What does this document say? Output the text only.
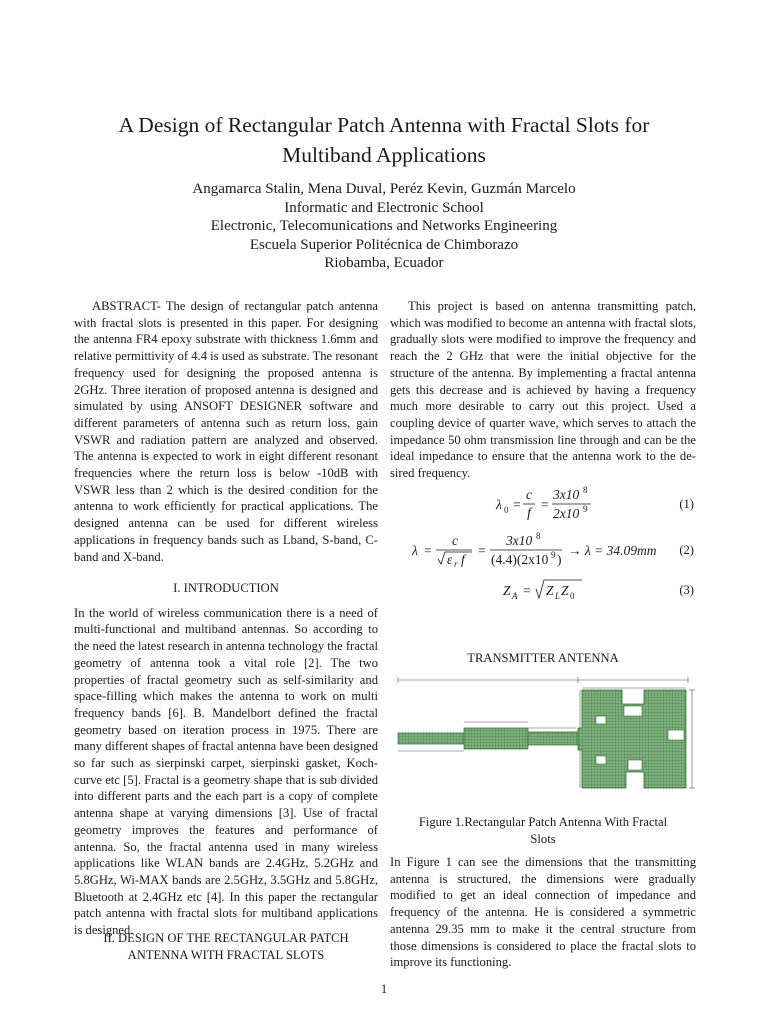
A Design of Rectangular Patch Antenna with Fractal Slots for
Multiband Applications
Angamarca Stalin, Mena Duval, Peréz Kevin, Guzmán Marcelo
Informatic and Electronic School
Electronic, Telecomunications and Networks Engineering
Escuela Superior Politécnica de Chimborazo
Riobamba, Ecuador
ABSTRACT- The design of rectangular patch antenna with fractal slots is presented in this paper. For designing the antenna FR4 epoxy substrate with thickness 1.6mm and relative permittivity of 4.4 is used as substrate. The resonant frequency used for designing the proposed antenna is 2GHz. Three iteration of proposed antenna is designed and simulated by using ANSOFT DESIGNER software and different parameters of antenna such as return loss, gain VSWR and radiation pattern are analyzed and observed. The antenna is expected to work in eight different resonant frequencies where the return loss is below -10dB with VSWR less than 2 which is the desired condition for the antenna to work efficiently for practical applications. The designed antenna can be used for different wireless applications in frequency bands such as Lband, S-band, C-band and X-band.
I. INTRODUCTION
In the world of wireless communication there is a need of multi-functional and multiband antennas. So according to the need the latest research in antenna technology the fractal geometry of antenna took a vital role [2]. The two properties of fractal geometry such as self-similarity and space-filling which makes the antenna to work on multi frequency bands [6]. B. Mandelbort defined the fractal geometry based on iteration process in 1975. There are many different shapes of fractal antenna have been designed so far such as sierpinski carpet, sierpinski gasket, Koch-curve etc [5]. Fractal is a geometry shape that is sub divided into different parts and the each part is a copy of complete antenna shape at varying dimensions [3]. Use of fractal geometry improves the features and performance of antenna. So, the fractal antenna used in many wireless applications like WLAN bands are 2.4GHz, 5.2GHz and 5.8GHz, Wi-MAX bands are 2.5GHz, 3.5GHz and 5.8GHz, Bluetooth at 2.4GHz etc [4]. In this paper the rectangular patch antenna with fractal slots for multiband applications is designed.
II. DESIGN OF THE RECTANGULAR PATCH
ANTENNA WITH FRACTAL SLOTS
This project is based on antenna transmitting patch, which was modified to become an antenna with fractal slots, gradually slots were modified to improve the frequency and reach the 2 GHz that were the initial objective for the structure of the antenna. By implementing a fractal antenna gets this decrease and is achieved by having a frequency much more desirable to carry out this project. Used a coupling device of quarter wave, which serves to attach the impedance 50 ohm transmission line through and can be the ideal impedance to ensure that the antenna work to the desired frequency.
λ 0 =
c
f
=
3x10 8
2x10 9	(1)
λ =
c
ε r f
=
3x10 8
(4.4)(2x10 9 )
→ λ = 34.09mm (2)
Z A = Z L Z 0	(3)
TRANSMITTER ANTENNA
Figure 1.Rectangular Patch Antenna With Fractal
Slots
In Figure 1 can see the dimensions that the transmitting antenna is structured, the dimensions were gradually modified to get an ideal connection of impedance and frequency of the antenna. He is considered a symmetric antenna 29.35 mm to make it the central structure from those dimensions is considered to place the fractal slots to improve its functioning.
1
